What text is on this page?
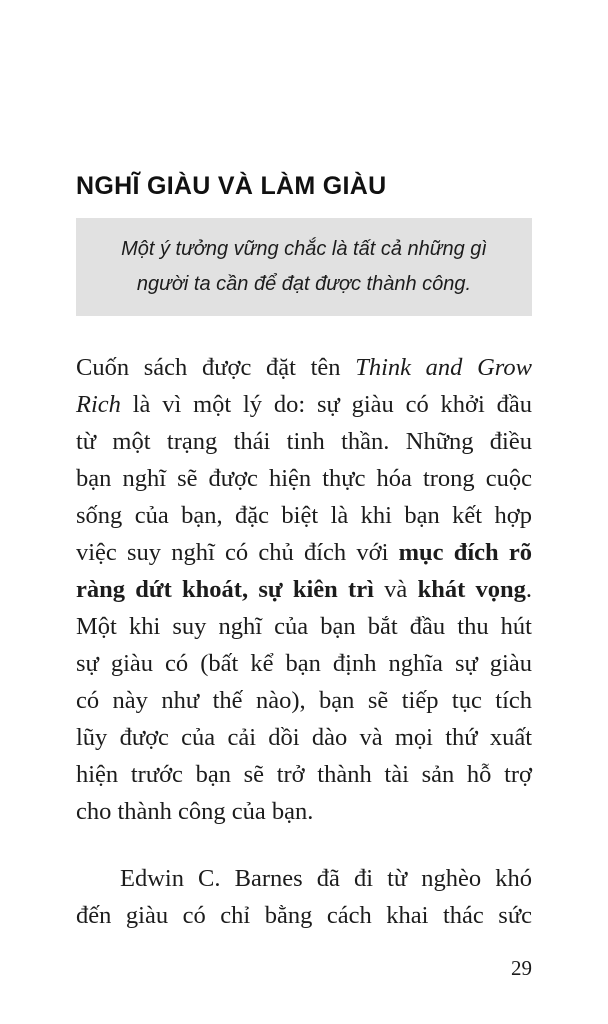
NGHĨ GIÀU VÀ LÀM GIÀU
Một ý tưởng vững chắc là tất cả những gì
người ta cần để đạt được thành công.
Cuốn sách được đặt tên Think and Grow
Rich là vì một lý do: sự giàu có khởi đầu
từ một trạng thái tinh thần. Những điều
bạn nghĩ sẽ được hiện thực hóa trong cuộc
sống của bạn, đặc biệt là khi bạn kết hợp
việc suy nghĩ có chủ đích với mục đích rõ
ràng dứt khoát, sự kiên trì và khát vọng.
Một khi suy nghĩ của bạn bắt đầu thu hút
sự giàu có (bất kể bạn định nghĩa sự giàu
có này như thế nào), bạn sẽ tiếp tục tích
lũy được của cải dồi dào và mọi thứ xuất
hiện trước bạn sẽ trở thành tài sản hỗ trợ
cho thành công của bạn.
Edwin C. Barnes đã đi từ nghèo khó
đến giàu có chỉ bằng cách khai thác sức
29
